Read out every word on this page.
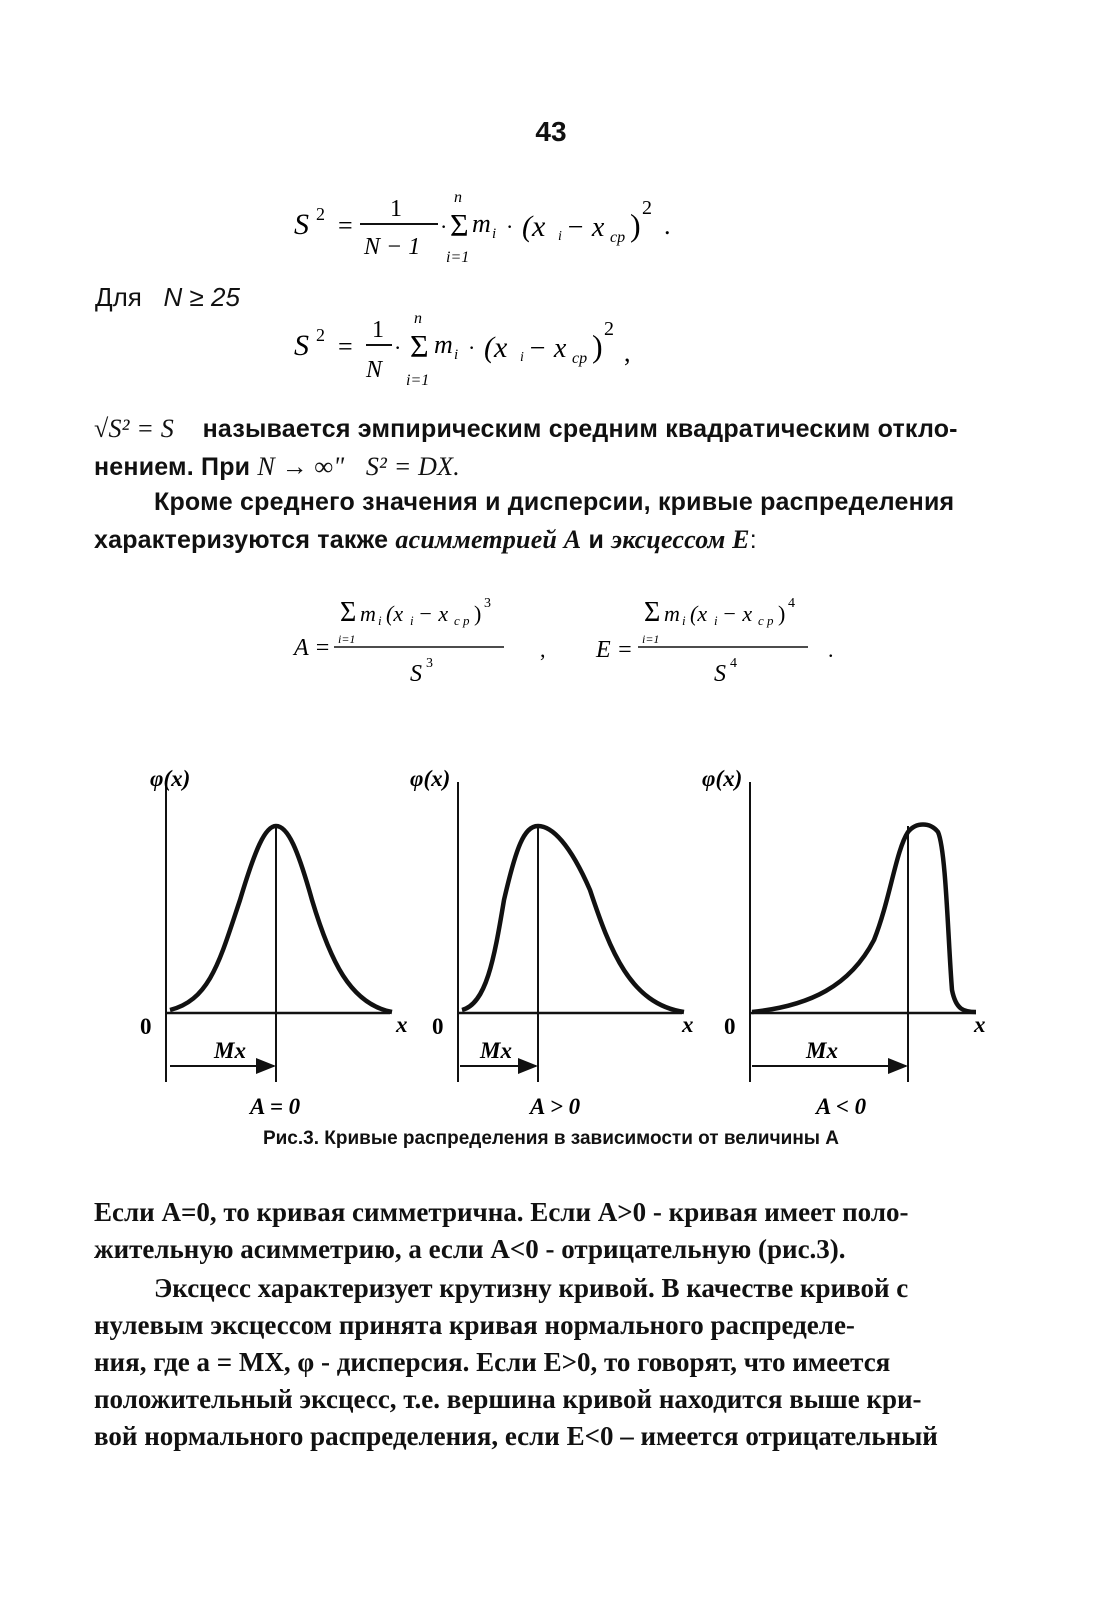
43
S 2 =
1
N − 1
·
n
Σ
i=1
m i · (x i − x cp ) 2
.
Для N ≥ 25
S 2 =
1
N
·
n
Σ
i=1
m i · (x i − x cp ) 2
,
√S² = S называется эмпирическим средним квадратическим откло-
нением. При N → ∞" S² = DX.
Кроме среднего значения и дисперсии, кривые распределения
характеризуются также асимметрией A и эксцессом E:
A =
Σ m i (x i − x c p ) 3
i=1
S 3
, E =
Σ m i (x i − x c p ) 4
i=1
S 4
.
φ(x)
0	x
Mx
A = 0
φ(x)
0	x
Mx
A > 0
φ(x)
0	x
Mx
A < 0
Рис.3. Кривые распределения в зависимости от величины A
Если A=0, то кривая симметрична. Если A>0 - кривая имеет поло-
жительную асимметрию, а если A<0 - отрицательную (рис.3).
Эксцесс характеризует крутизну кривой. В качестве кривой с
нулевым эксцессом принята кривая нормального распределе-
ния, где a = MX, φ - дисперсия. Если E>0, то говорят, что имеется
положительный эксцесс, т.е. вершина кривой находится выше кри-
вой нормального распределения, если E<0 – имеется отрицательный
